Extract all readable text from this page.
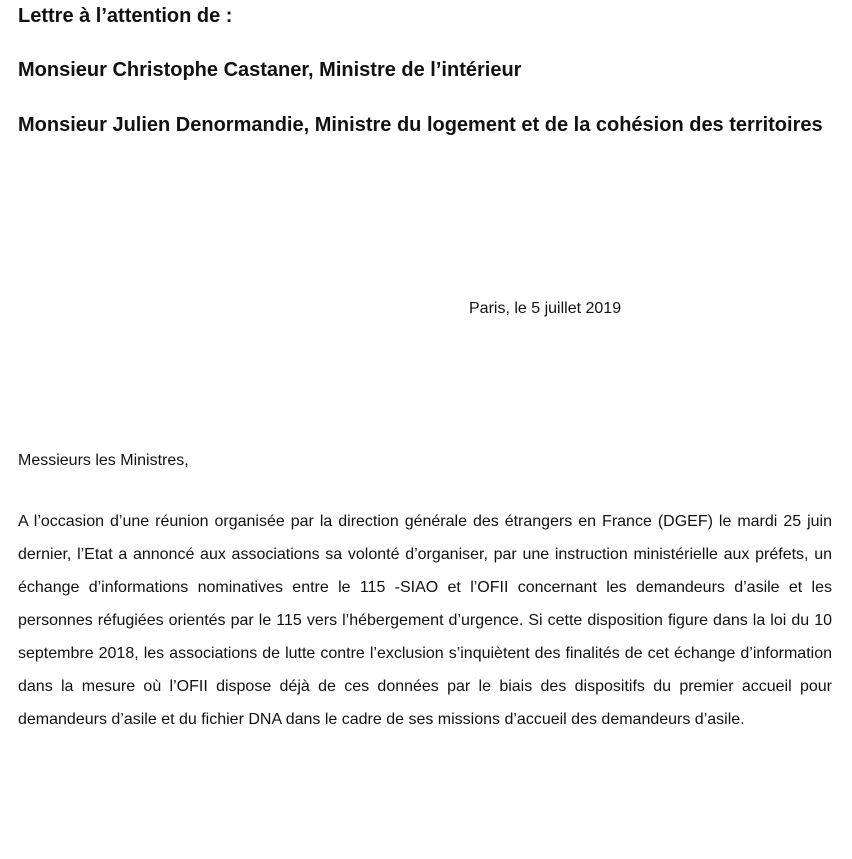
Lettre à l’attention de :

Monsieur Christophe Castaner, Ministre de l’intérieur

Monsieur Julien Denormandie, Ministre du logement et de la cohésion des territoires

Paris, le 5 juillet 2019

Messieurs les Ministres,

A l’occasion d’une réunion organisée par la direction générale des étrangers en France (DGEF) le mardi 25 juin dernier, l’Etat a annoncé aux associations sa volonté d’organiser, par une instruction ministérielle aux préfets, un échange d’informations nominatives entre le 115 -SIAO et l’OFII concernant les demandeurs d’asile et les personnes réfugiées orientés par le 115 vers l’hébergement d’urgence. Si cette disposition figure dans la loi du 10 septembre 2018, les associations de lutte contre l’exclusion s’inquiètent des finalités de cet échange d’information dans la mesure où l’OFII dispose déjà de ces données par le biais des dispositifs du premier accueil pour demandeurs d’asile et du fichier DNA dans le cadre de ses missions d’accueil des demandeurs d’asile.
